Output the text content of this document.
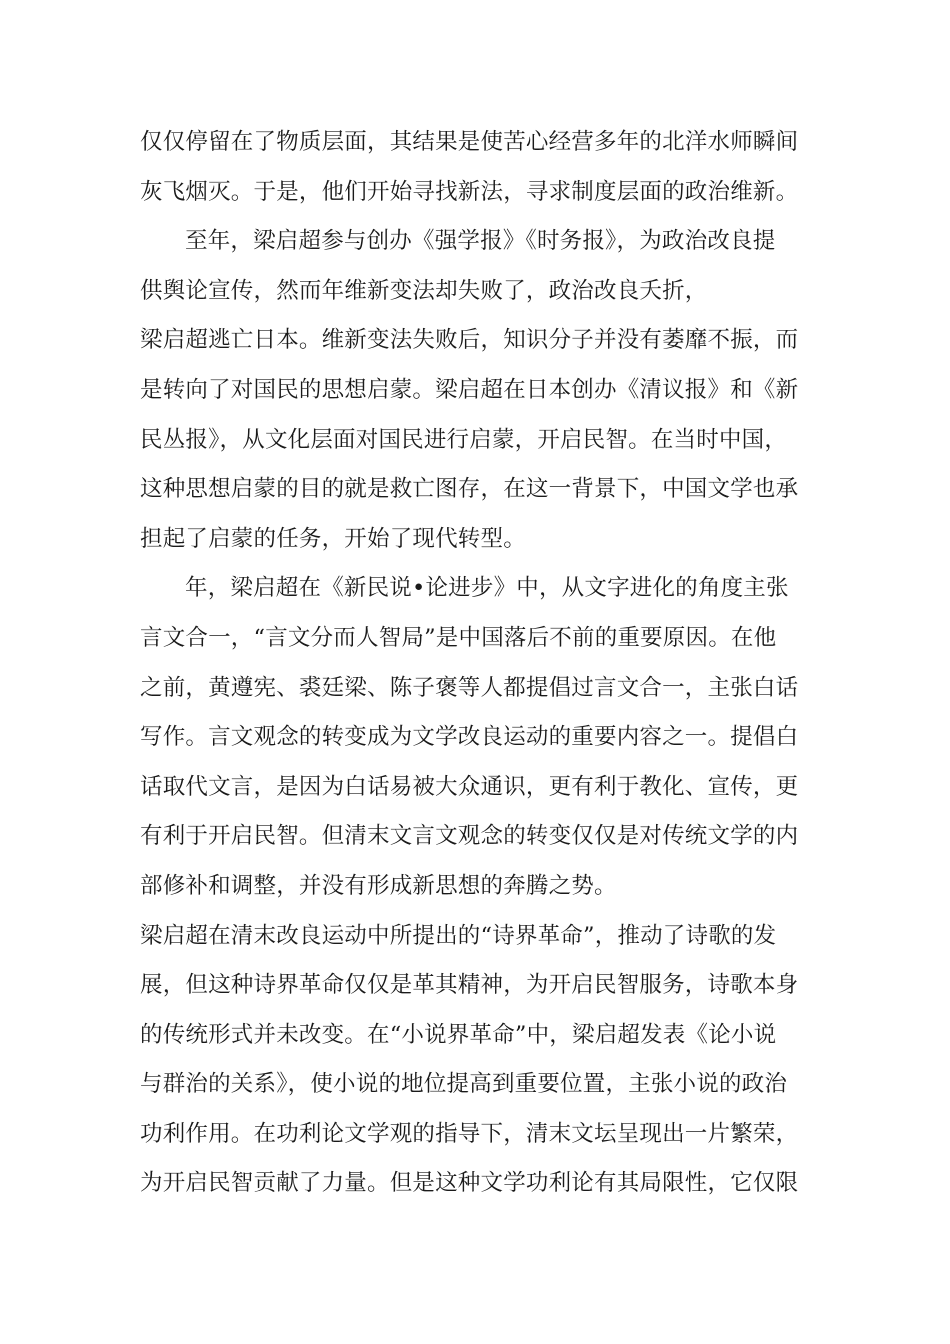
仅仅停留在了物质层面，其结果是使苦心经营多年的北洋水师瞬间
灰飞烟灭。于是，他们开始寻找新法，寻求制度层面的政治维新。
至年，梁启超参与创办《强学报》《时务报》，为政治改良提
供舆论宣传，然而年维新变法却失败了，政治改良夭折，
梁启超逃亡日本。维新变法失败后，知识分子并没有萎靡不振，而
是转向了对国民的思想启蒙。梁启超在日本创办《清议报》和《新
民丛报》，从文化层面对国民进行启蒙，开启民智。在当时中国，
这种思想启蒙的目的就是救亡图存，在这一背景下，中国文学也承
担起了启蒙的任务，开始了现代转型。
年，梁启超在《新民说•论进步》中，从文字进化的角度主张
言文合一，“言文分而人智局”是中国落后不前的重要原因。在他
之前，黄遵宪、裘廷梁、陈子褒等人都提倡过言文合一，主张白话
写作。言文观念的转变成为文学改良运动的重要内容之一。提倡白
话取代文言，是因为白话易被大众通识，更有利于教化、宣传，更
有利于开启民智。但清末文言文观念的转变仅仅是对传统文学的内
部修补和调整，并没有形成新思想的奔腾之势。
梁启超在清末改良运动中所提出的“诗界革命”，推动了诗歌的发
展，但这种诗界革命仅仅是革其精神，为开启民智服务，诗歌本身
的传统形式并未改变。在“小说界革命”中，梁启超发表《论小说
与群治的关系》，使小说的地位提高到重要位置，主张小说的政治
功利作用。在功利论文学观的指导下，清末文坛呈现出一片繁荣，
为开启民智贡献了力量。但是这种文学功利论有其局限性，它仅限
